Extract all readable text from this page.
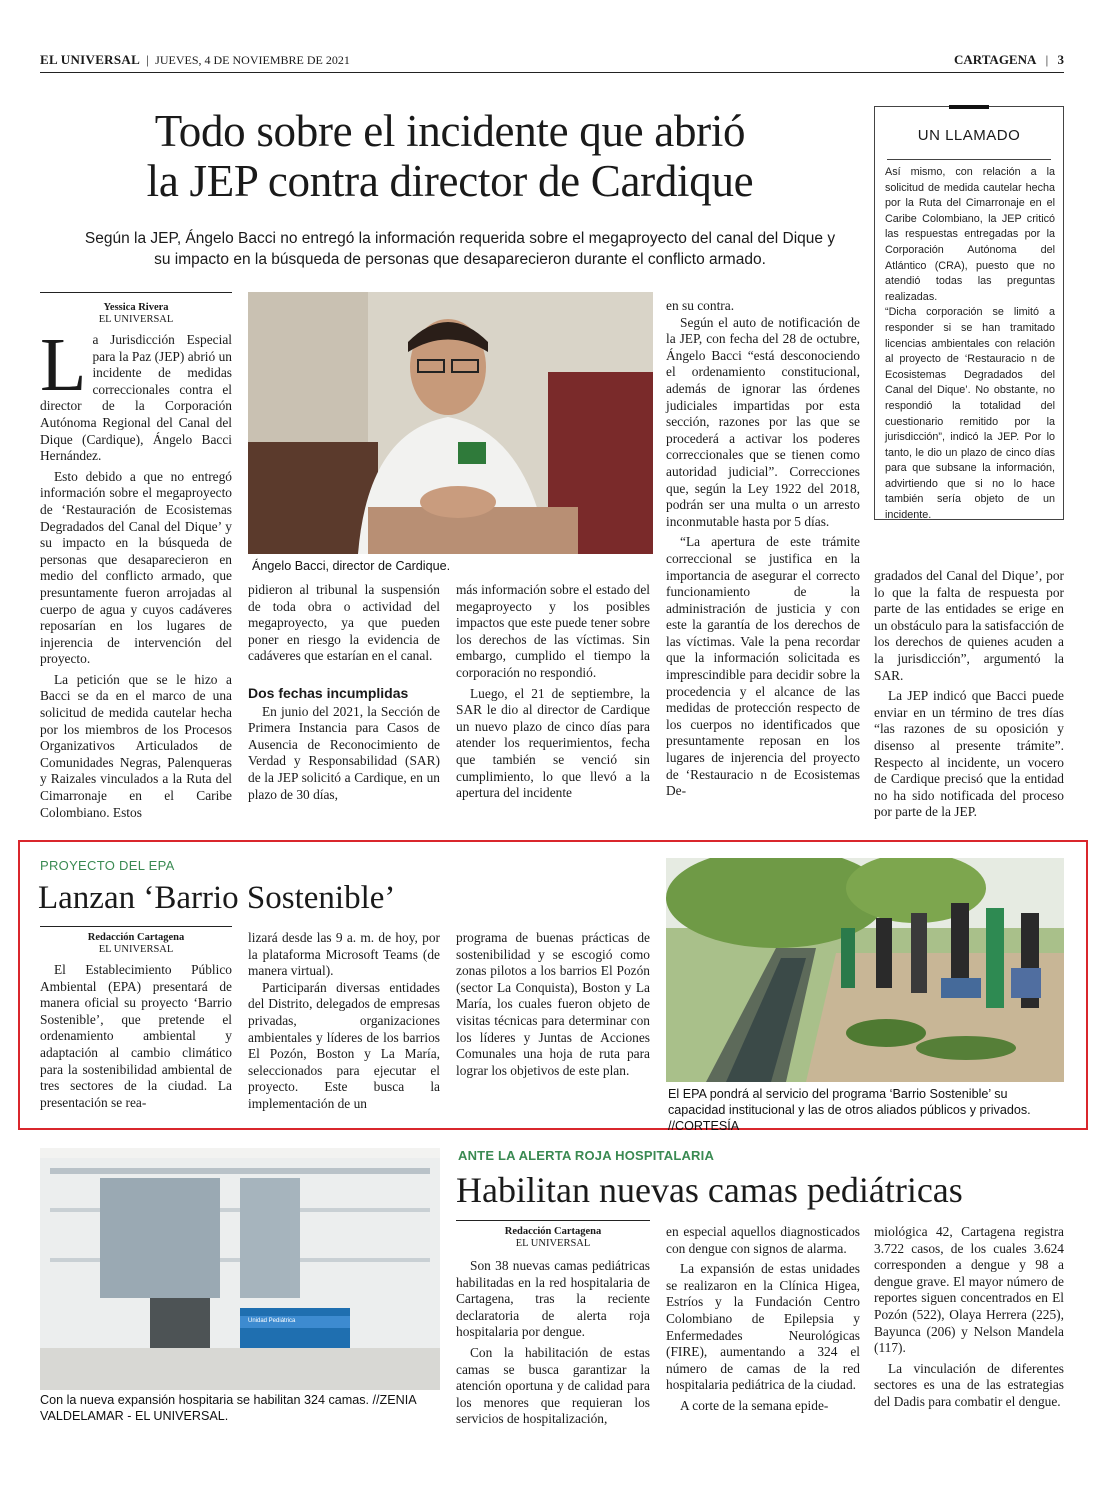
EL UNIVERSAL | JUEVES, 4 DE NOVIEMBRE DE 2021	CARTAGENA | 3
Todo sobre el incidente que abrió
la JEP contra director de Cardique
Según la JEP, Ángelo Bacci no entregó la información requerida sobre el megaproyecto del canal del Dique y su impacto en la búsqueda de personas que desaparecieron durante el conflicto armado.
Yessica Rivera
EL UNIVERSAL

La Jurisdicción Especial para la Paz (JEP) abrió un incidente de medidas correccionales contra el director de la Corporación Autónoma Regional del Canal del Dique (Cardique), Ángelo Bacci Hernández.

Esto debido a que no entregó información sobre el megaproyecto de ‘Restauración de Ecosistemas Degradados del Canal del Dique’ y su impacto en la búsqueda de personas que desaparecieron en medio del conflicto armado, que presuntamente fueron arrojadas al cuerpo de agua y cuyos cadáveres reposarían en los lugares de injerencia de intervención del proyecto.

La petición que se le hizo a Bacci se da en el marco de una solicitud de medida cautelar hecha por los miembros de los Procesos Organizativos Articulados de Comunidades Negras, Palenqueras y Raizales vinculados a la Ruta del Cimarronaje en el Caribe Colombiano. Estos

Ángelo Bacci, director de Cardique.

pidieron al tribunal la suspensión de toda obra o actividad del megaproyecto, ya que pueden poner en riesgo la evidencia de cadáveres que estarían en el canal.

Dos fechas incumplidas

En junio del 2021, la Sección de Primera Instancia para Casos de Ausencia de Reconocimiento de Verdad y Responsabilidad (SAR) de la JEP solicitó a Cardique, en un plazo de 30 días,

más información sobre el estado del megaproyecto y los posibles impactos que este puede tener sobre los derechos de las víctimas. Sin embargo, cumplido el tiempo la corporación no respondió.

Luego, el 21 de septiembre, la SAR le dio al director de Cardique un nuevo plazo de cinco días para atender los requerimientos, fecha que también se venció sin cumplimiento, lo que llevó a la apertura del incidente

en su contra.

Según el auto de notificación de la JEP, con fecha del 28 de octubre, Ángelo Bacci “está desconociendo el ordenamiento constitucional, además de ignorar las órdenes judiciales impartidas por esta sección, razones por las que se procederá a activar los poderes correccionales que se tienen como autoridad judicial”. Correcciones que, según la Ley 1922 del 2018, podrán ser una multa o un arresto inconmutable hasta por 5 días.

“La apertura de este trámite correccional se justifica en la importancia de asegurar el correcto funcionamiento de la administración de justicia y con este la garantía de los derechos de las víctimas. Vale la pena recordar que la información solicitada es imprescindible para decidir sobre la procedencia y el alcance de las medidas de protección respecto de los cuerpos no identificados que presuntamente reposan en los lugares de injerencia del proyecto de ‘Restauracio n de Ecosistemas De-

UN LLAMADO

Así mismo, con relación a la solicitud de medida cautelar hecha por la Ruta del Cimarronaje en el Caribe Colombiano, la JEP criticó las respuestas entregadas por la Corporación Autónoma del Atlántico (CRA), puesto que no atendió todas las preguntas realizadas.

“Dicha corporación se limitó a responder si se han tramitado licencias ambientales con relación al proyecto de ‘Restauracio n de Ecosistemas Degradados del Canal del Dique’. No obstante, no respondió la totalidad del cuestionario remitido por la jurisdicción”, indicó la JEP. Por lo tanto, le dio un plazo de cinco días para que subsane la información, advirtiendo que si no lo hace también sería objeto de un incidente.

gradados del Canal del Dique’, por lo que la falta de respuesta por parte de las entidades se erige en un obstáculo para la satisfacción de los derechos de quienes acuden a la jurisdicción”, argumentó la SAR.

La JEP indicó que Bacci puede enviar en un término de tres días “las razones de su oposición y disenso al presente trámite”. Respecto al incidente, un vocero de Cardique precisó que la entidad no ha sido notificada del proceso por parte de la JEP.

PROYECTO DEL EPA
Lanzan ‘Barrio Sostenible’
Redacción Cartagena
EL UNIVERSAL

El Establecimiento Público Ambiental (EPA) presentará de manera oficial su proyecto ‘Barrio Sostenible’, que pretende el ordenamiento ambiental y adaptación al cambio climático para la sostenibilidad ambiental de tres sectores de la ciudad. La presentación se rea-

lizará desde las 9 a. m. de hoy, por la plataforma Microsoft Teams (de manera virtual).

Participarán diversas entidades del Distrito, delegados de empresas privadas, organizaciones ambientales y líderes de los barrios El Pozón, Boston y La María, seleccionados para ejecutar el proyecto. Este busca la implementación de un

programa de buenas prácticas de sostenibilidad y se escogió como zonas pilotos a los barrios El Pozón (sector La Conquista), Boston y La María, los cuales fueron objeto de visitas técnicas para determinar con los líderes y Juntas de Acciones Comunales una hoja de ruta para lograr los objetivos de este plan.

El EPA pondrá al servicio del programa ‘Barrio Sostenible’ su capacidad institucional y las de otros aliados públicos y privados. //CORTESÍA
Unidad Pediátrica
Con la nueva expansión hospitaria se habilitan 324 camas. //ZENIA VALDELAMAR - EL UNIVERSAL.
ANTE LA ALERTA ROJA HOSPITALARIA
Habilitan nuevas camas pediátricas
Redacción Cartagena
EL UNIVERSAL

Son 38 nuevas camas pediátricas habilitadas en la red hospitalaria de Cartagena, tras la reciente declaratoria de alerta roja hospitalaria por dengue.

Con la habilitación de estas camas se busca garantizar la atención oportuna y de calidad para los menores que requieran los servicios de hospitalización,

en especial aquellos diagnosticados con dengue con signos de alarma.

La expansión de estas unidades se realizaron en la Clínica Higea, Estríos y la Fundación Centro Colombiano de Epilepsia y Enfermedades Neurológicas (FIRE), aumentando a 324 el número de camas de la red hospitalaria pediátrica de la ciudad.

A corte de la semana epide-

miológica 42, Cartagena registra 3.722 casos, de los cuales 3.624 corresponden a dengue y 98 a dengue grave. El mayor número de reportes siguen concentrados en El Pozón (522), Olaya Herrera (225), Bayunca (206) y Nelson Mandela (117).

La vinculación de diferentes sectores es una de las estrategias del Dadis para combatir el dengue.
